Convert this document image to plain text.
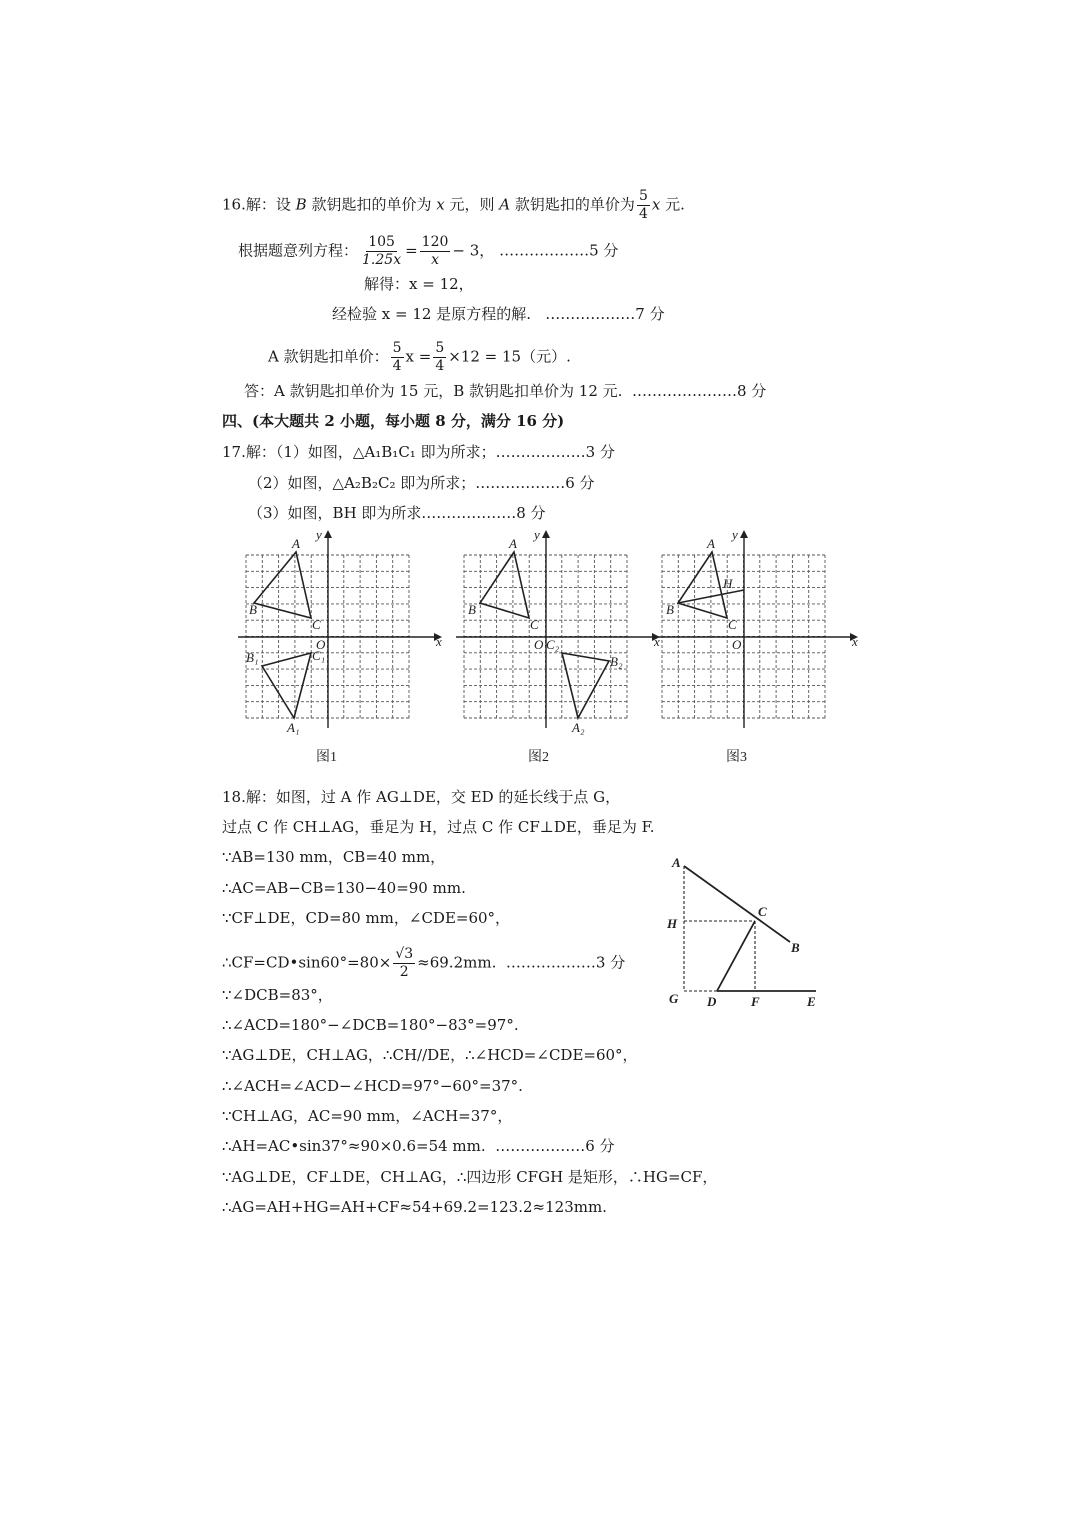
16.解：设 B 款钥匙扣的单价为 x 元，则 A 款钥匙扣的单价为 $\frac{5}{4}$ x 元.
根据题意列方程： $\frac{105}{1.25x} = \frac{120}{x} - 3$， ………………5 分
解得：x = 12，
经检验 x = 12 是原方程的解. ………………7 分
A 款钥匙扣单价： $\frac{5}{4}$ $x = \frac{5}{4} \times 12 = 15$（元）.
答：A 款钥匙扣单价为 15 元，B 款钥匙扣单价为 12 元. …………………8 分
四、(本大题共 2 小题，每小题 8 分，满分 16 分)
17.解：（1）如图，△A₁B₁C₁ 即为所求；………………3 分
（2）如图，△A₂B₂C₂ 即为所求；………………6 分
（3）如图，BH 即为所求.………………8 分
A
B
C
O
B₁	C₁
A₁
x
y
图1
A
B
C
O C₂
B₂
A₂
x
y
图2
A
B
C
O
H
x
y
图3
18.解：如图，过 A 作 AG⊥DE，交 ED 的延长线于点 G，
过点 C 作 CH⊥AG，垂足为 H，过点 C 作 CF⊥DE，垂足为 F.
∵AB=130 mm，CB=40 mm，
∴AC=AB−CB=130−40=90 mm.
∵CF⊥DE，CD=80 mm，∠CDE=60°，
∴CF=CD•sin60°=80× $\frac{√3}{2} \approx 69.2mm$. ………………3 分
∵∠DCB=83°，
∴∠ACD=180°−∠DCB=180°−83°=97°.
∵AG⊥DE，CH⊥AG，∴CH//DE，∴∠HCD=∠CDE=60°，
∴∠ACH=∠ACD−∠HCD=97°−60°=37°.
∵CH⊥AG，AC=90 mm，∠ACH=37°，
∴AH=AC•sin37°≈90×0.6=54 mm. ………………6 分
∵AG⊥DE，CF⊥DE，CH⊥AG，∴四边形 CFGH 是矩形，∴HG=CF，
∴AG=AH+HG=AH+CF≈54+69.2=123.2≈123mm.
A
B
C
H
G D	F	E
